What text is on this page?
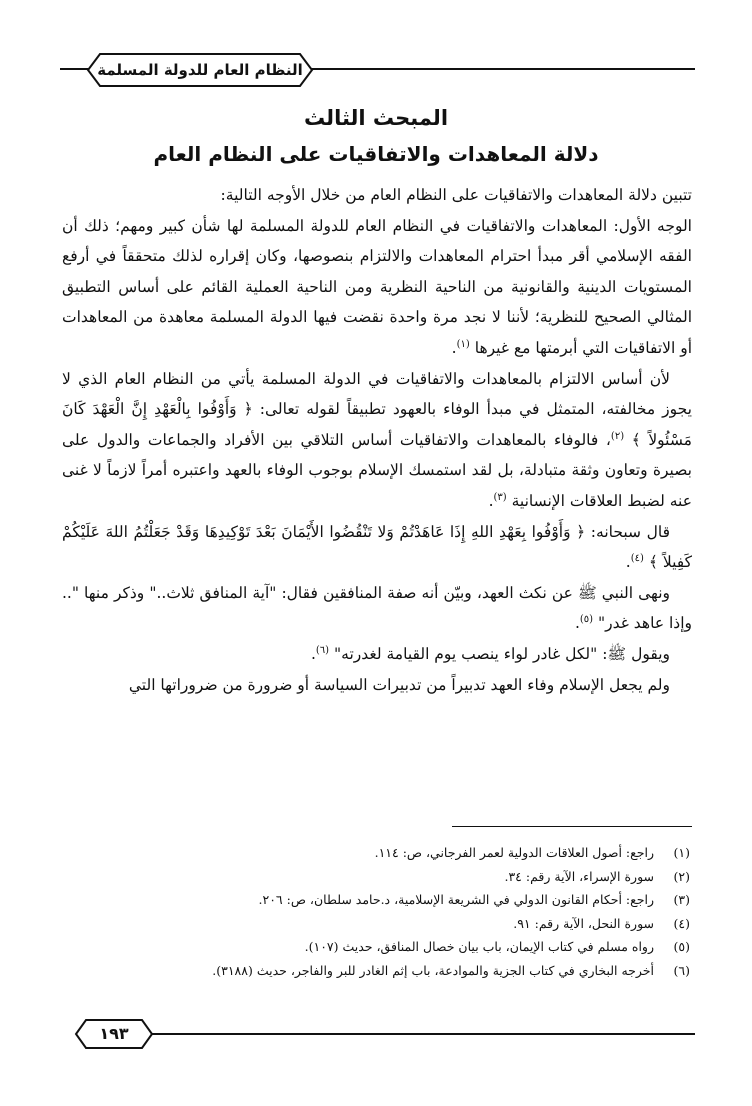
النظام العام للدولة المسلمة
المبحث الثالث
دلالة المعاهدات والاتفاقيات على النظام العام

تتبين دلالة المعاهدات والاتفاقيات على النظام العام من خلال الأوجه التالية:

الوجه الأول: المعاهدات والاتفاقيات في النظام العام للدولة المسلمة لها شأن كبير ومهم؛ ذلك أن الفقه الإسلامي أقر مبدأ احترام المعاهدات والالتزام بنصوصها، وكان إقراره لذلك متحققاً في أرفع المستويات الدينية والقانونية من الناحية النظرية ومن الناحية العملية القائم على أساس التطبيق المثالي الصحيح للنظرية؛ لأننا لا نجد مرة واحدة نقضت فيها الدولة المسلمة معاهدة من المعاهدات أو الاتفاقيات التي أبرمتها مع غيرها $^{(١)}$.

لأن أساس الالتزام بالمعاهدات والاتفاقيات في الدولة المسلمة يأتي من النظام العام الذي لا يجوز مخالفته، المتمثل في مبدأ الوفاء بالعهود تطبيقاً لقوله تعالى: ﴿ وَأَوْفُوا بِالْعَهْدِ إِنَّ الْعَهْدَ كَانَ مَسْئُولاً ﴾ $^{(٢)}$، فالوفاء بالمعاهدات والاتفاقيات أساس التلاقي بين الأفراد والجماعات والدول على بصيرة وتعاون وثقة متبادلة، بل لقد استمسك الإسلام بوجوب الوفاء بالعهد واعتبره أمراً لازماً لا غنى عنه لضبط العلاقات الإنسانية $^{(٣)}$.

قال سبحانه: ﴿ وَأَوْفُوا بِعَهْدِ اللهِ إِذَا عَاهَدْتُمْ وَلا تَنْقُضُوا الأَيْمَانَ بَعْدَ تَوْكِيدِهَا وَقَدْ جَعَلْتُمُ اللهَ عَلَيْكُمْ كَفِيلاً ﴾ $^{(٤)}$.

ونهى النبي ﷺ عن نكث العهد، وبيّن أنه صفة المنافقين فقال: "آية المنافق ثلاث.." وذكر منها ".. وإذا عاهد غدر" $^{(٥)}$.

ويقول ﷺ: "لكل غادر لواء ينصب يوم القيامة لغدرته" $^{(٦)}$.

ولم يجعل الإسلام وفاء العهد تدبيراً من تدبيرات السياسة أو ضرورة من ضروراتها التي

(١)راجع: أصول العلاقات الدولية لعمر الفرجاني، ص: ١١٤.
(٢)سورة الإسراء، الآية رقم: ٣٤.
(٣)راجع: أحكام القانون الدولي في الشريعة الإسلامية، د.حامد سلطان، ص: ٢٠٦.
(٤)سورة النحل، الآية رقم: ٩١.
(٥)رواه مسلم في كتاب الإيمان، باب بيان خصال المنافق، حديث (١٠٧).
(٦)أخرجه البخاري في كتاب الجزية والموادعة، باب إثم الغادر للبر والفاجر، حديث (٣١٨٨).
١٩٣
